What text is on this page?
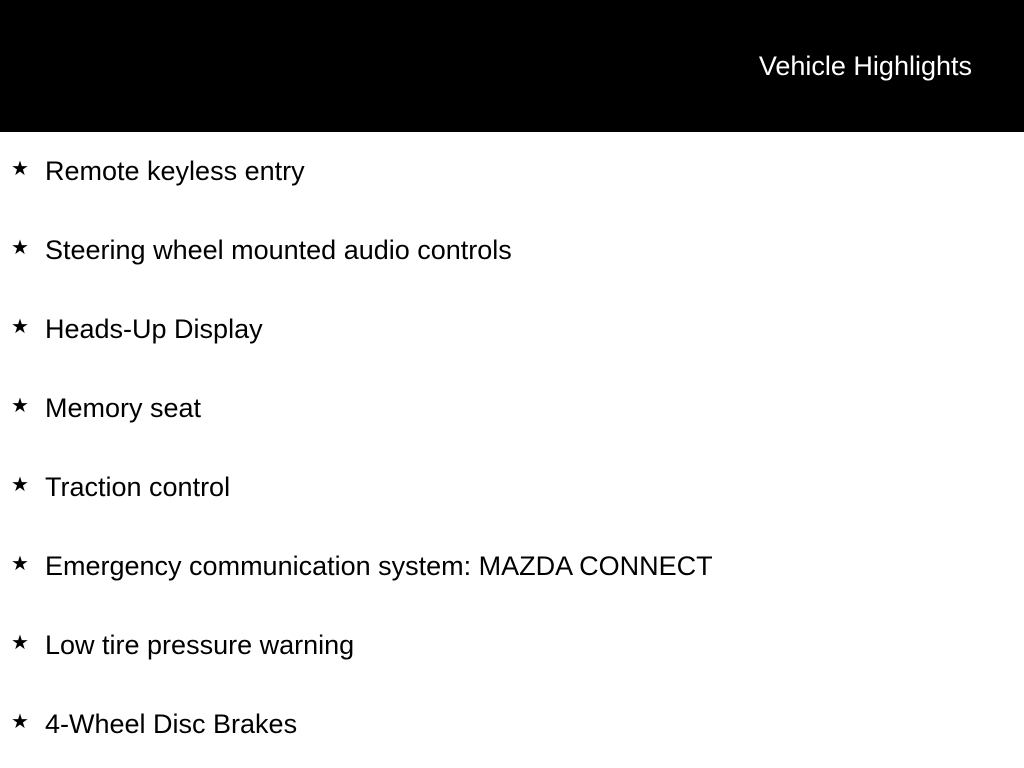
Vehicle Highlights
★ Remote keyless entry
★ Steering wheel mounted audio controls
★ Heads-Up Display
★ Memory seat
★ Traction control
★ Emergency communication system: MAZDA CONNECT
★ Low tire pressure warning
★ 4-Wheel Disc Brakes
